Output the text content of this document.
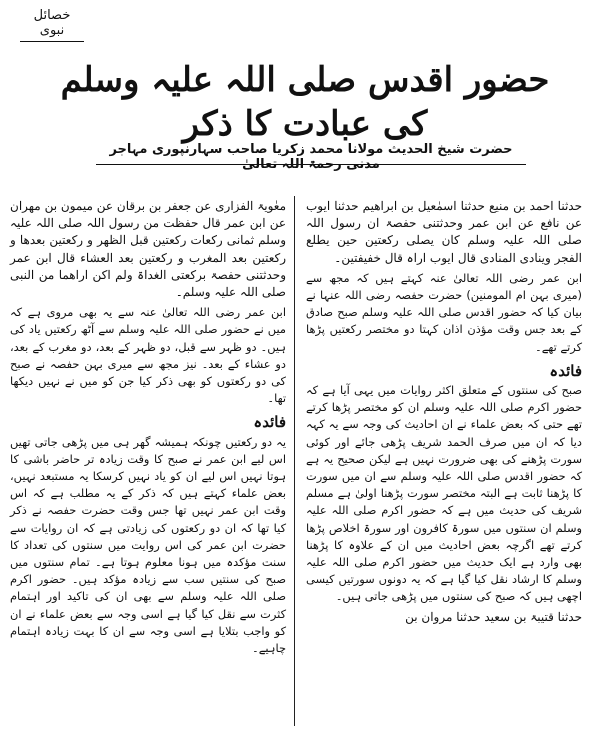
خصائل نبوی
حضور اقدس صلی اللہ علیہ وسلم کی عبادت کا ذکر
حضرت شیخ الحدیث مولانا محمد زکریا صاحب سہارنپوری مہاجر مدنی رحمۃ اللہ تعالیٰ

حدثنا احمد بن منیع حدثنا اسمٰعیل بن ابراھیم حدثنا ایوب عن نافع عن ابن عمر وحدثتنی حفصۃ ان رسول اللہ صلی اللہ علیہ وسلم کان یصلی رکعتین حین یطلع الفجر وینادی المنادی قال ایوب اراہ قال خفیفتین۔

ابن عمر رضی اللہ تعالیٰ عنہ کہتے ہیں کہ مجھ سے (میری بہن ام المومنین) حضرت حفصہ رضی اللہ عنہا نے بیان کیا کہ حضور اقدس صلی اللہ علیہ وسلم صبح صادق کے بعد جس وقت مؤذن اذان کہتا دو مختصر رکعتیں پڑھا کرتے تھے۔

فائدہ

صبح کی سنتوں کے متعلق اکثر روایات میں یہی آیا ہے کہ حضور اکرم صلی اللہ علیہ وسلم ان کو مختصر پڑھا کرتے تھے حتی کہ بعض علماء نے ان احادیث کی وجہ سے یہ کہہ دیا کہ ان میں صرف الحمد شریف پڑھی جائے اور کوئی سورت پڑھنے کی بھی ضرورت نہیں ہے لیکن صحیح یہ ہے کہ حضور اقدس صلی اللہ علیہ وسلم سے ان میں سورت کا پڑھنا ثابت ہے البتہ مختصر سورت پڑھنا اولیٰ ہے مسلم شریف کی حدیث میں ہے کہ حضور اکرم صلی اللہ علیہ وسلم ان سنتوں میں سورۃ کافرون اور سورۃ اخلاص پڑھا کرتے تھے اگرچہ بعض احادیث میں ان کے علاوہ کا پڑھنا بھی وارد ہے ایک حدیث میں حضور اکرم صلی اللہ علیہ وسلم کا ارشاد نقل کیا گیا ہے کہ یہ دونوں سورتیں کیسی اچھی ہیں کہ صبح کی سنتوں میں پڑھی جاتی ہیں۔

حدثنا قتیبۃ بن سعید حدثنا مروان بن

معٰویۃ الفزاری عن جعفر بن برقان عن میمون بن مھران عن ابن عمر قال حفظت من رسول اللہ صلی اللہ علیہ وسلم ثمانی رکعات رکعتین قبل الظھر و رکعتین بعدھا و رکعتین بعد المغرب و رکعتین بعد العشاء قال ابن عمر وحدثتنی حفصۃ برکعتی الغداۃ ولم اکن اراھما من النبی صلی اللہ علیہ وسلم۔

ابن عمر رضی اللہ تعالیٰ عنہ سے یہ بھی مروی ہے کہ میں نے حضور صلی اللہ علیہ وسلم سے آٹھ رکعتیں یاد کی ہیں۔ دو ظہر سے قبل، دو ظہر کے بعد، دو مغرب کے بعد، دو عشاء کے بعد۔ نیز مجھ سے میری بہن حفصہ نے صبح کی دو رکعتوں کو بھی ذکر کیا جن کو میں نے نہیں دیکھا تھا۔

فائدہ

یہ دو رکعتیں چونکہ ہمیشہ گھر ہی میں پڑھی جاتی تھیں اس لیے ابن عمر نے صبح کا وقت زیادہ تر حاضر باشی کا ہوتا نہیں اس لیے ان کو یاد نہیں کرسکا یہ مستبعد نہیں، بعض علماء کہتے ہیں کہ ذکر کے یہ مطلب ہے کہ اس وقت ابن عمر نہیں تھا جس وقت حضرت حفصہ نے ذکر کیا تھا کہ ان دو رکعتوں کی زیادتی ہے کہ ان روایات سے حضرت ابن عمر کی اس روایت میں سنتوں کی تعداد کا سنت مؤکدہ میں ہونا معلوم ہوتا ہے۔ تمام سنتوں میں صبح کی سنتیں سب سے زیادہ مؤکد ہیں۔ حضور اکرم صلی اللہ علیہ وسلم سے بھی ان کی تاکید اور اہتمام کثرت سے نقل کیا گیا ہے اسی وجہ سے بعض علماء نے ان کو واجب بتلایا ہے اسی وجہ سے ان کا بہت زیادہ اہتمام چاہیے۔
